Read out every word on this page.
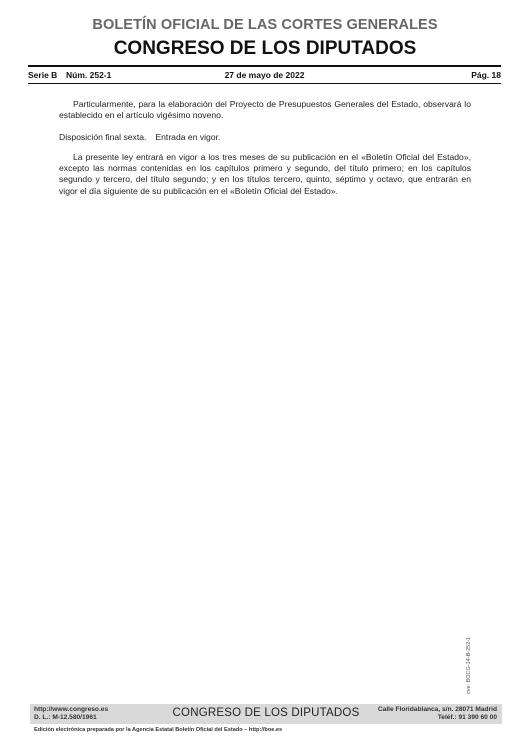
BOLETÍN OFICIAL DE LAS CORTES GENERALES
CONGRESO DE LOS DIPUTADOS
Serie B Núm. 252-1	27 de mayo de 2022	Pág. 18

Particularmente, para la elaboración del Proyecto de Presupuestos Generales del Estado, observará lo establecido en el artículo vigésimo noveno.

Disposición final sexta. Entrada en vigor.

La presente ley entrará en vigor a los tres meses de su publicación en el «Boletín Oficial del Estado», excepto las normas contenidas en los capítulos primero y segundo, del título primero; en los capítulos segundo y tercero, del título segundo; y en los títulos tercero, quinto, séptimo y octavo, que entrarán en vigor el día siguiente de su publicación en el «Boletín Oficial del Estado».

cve: BOCG-14-B-252-1
http://www.congreso.es
D. L.: M-12.580/1961	CONGRESO DE LOS DIPUTADOS	Calle Floridablanca, s/n. 28071 Madrid
Teléf.: 91 390 60 00
Edición electrónica preparada por la Agencia Estatal Boletín Oficial del Estado – http://boe.es
